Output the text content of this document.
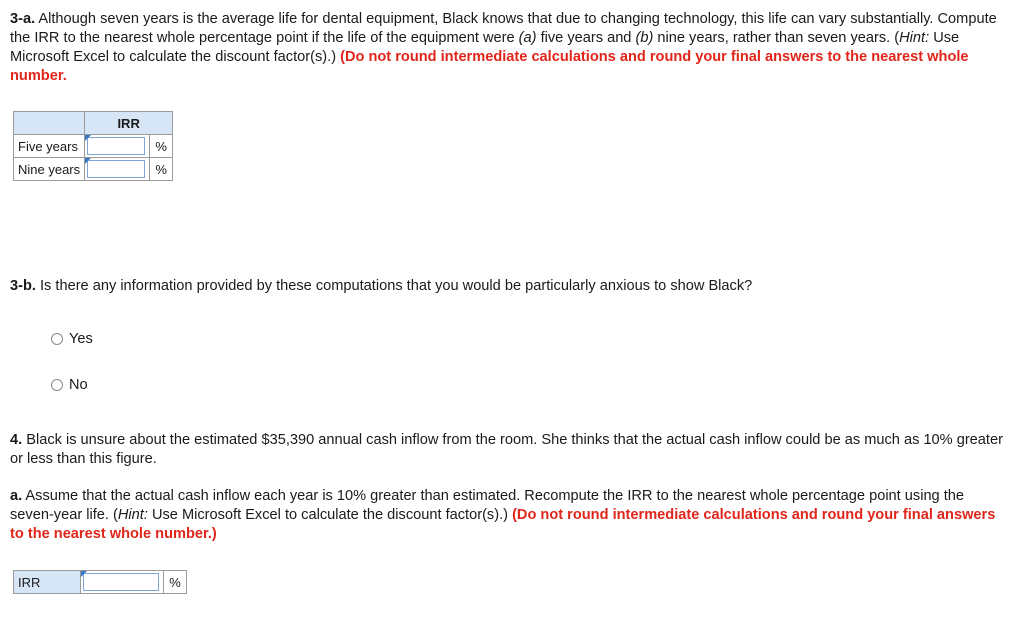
3-a. Although seven years is the average life for dental equipment, Black knows that due to changing technology, this life can vary substantially. Compute the IRR to the nearest whole percentage point if the life of the equipment were (a) five years and (b) nine years, rather than seven years. (Hint: Use Microsoft Excel to calculate the discount factor(s).) (Do not round intermediate calculations and round your final answers to the nearest whole number.
	IRR	
Five years		%
Nine years		%
3-b. Is there any information provided by these computations that you would be particularly anxious to show Black?
Yes
No
4. Black is unsure about the estimated $35,390 annual cash inflow from the room. She thinks that the actual cash inflow could be as much as 10% greater or less than this figure.
a. Assume that the actual cash inflow each year is 10% greater than estimated. Recompute the IRR to the nearest whole percentage point using the seven-year life. (Hint: Use Microsoft Excel to calculate the discount factor(s).) (Do not round intermediate calculations and round your final answers to the nearest whole number.)
IRR		%
